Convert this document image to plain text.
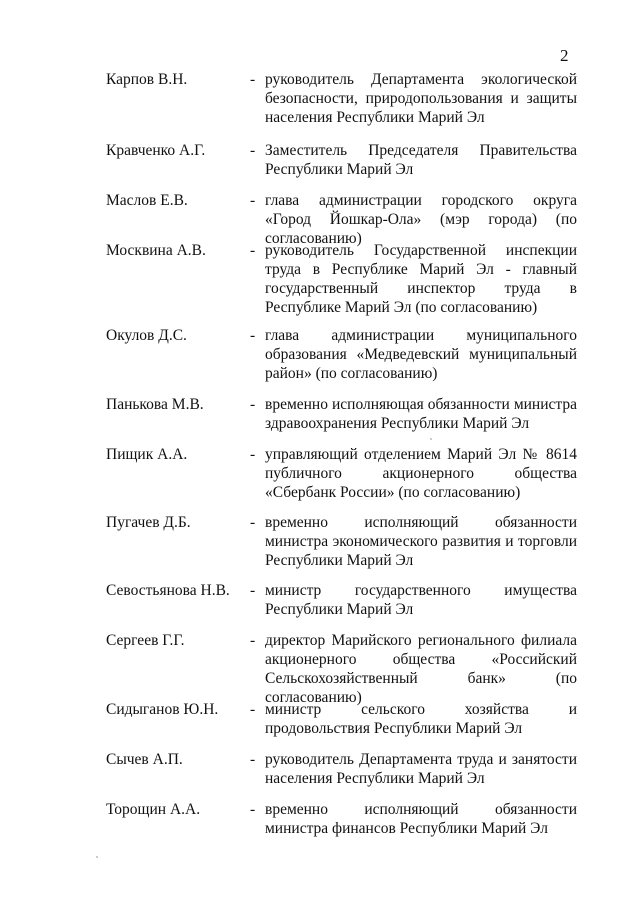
2
Карпов В.Н.	- руководитель Департамента экологической безопасности, природопользования и защиты населения Республики Марий Эл
Кравченко А.Г.	- Заместитель Председателя Правительства Республики Марий Эл
Маслов Е.В.	- глава администрации городского округа «Город Йошкар-Ола» (мэр города) (по согласованию)
Москвина А.В.	- руководитель Государственной инспекции труда в Республике Марий Эл - главный государственный инспектор труда в Республике Марий Эл (по согласованию)
Окулов Д.С.	- глава администрации муниципального образования «Медведевский муниципальный район» (по согласованию)
Панькова М.В.	- временно исполняющая обязанности министра здравоохранения Республики Марий Эл
Пищик А.А.	- управляющий отделением Марий Эл № 8614 публичного акционерного общества «Сбербанк России» (по согласованию)
Пугачев Д.Б.	- временно исполняющий обязанности министра экономического развития и торговли Республики Марий Эл
Севостьянова Н.В. - министр государственного имущества Республики Марий Эл
Сергеев Г.Г.	- директор Марийского регионального филиала акционерного общества «Российский Сельскохозяйственный банк» (по согласованию)
Сидыганов Ю.Н. - министр сельского хозяйства и продовольствия Республики Марий Эл
Сычев А.П.	- руководитель Департамента труда и занятости населения Республики Марий Эл
Торощин А.А.	- временно исполняющий обязанности министра финансов Республики Марий Эл
